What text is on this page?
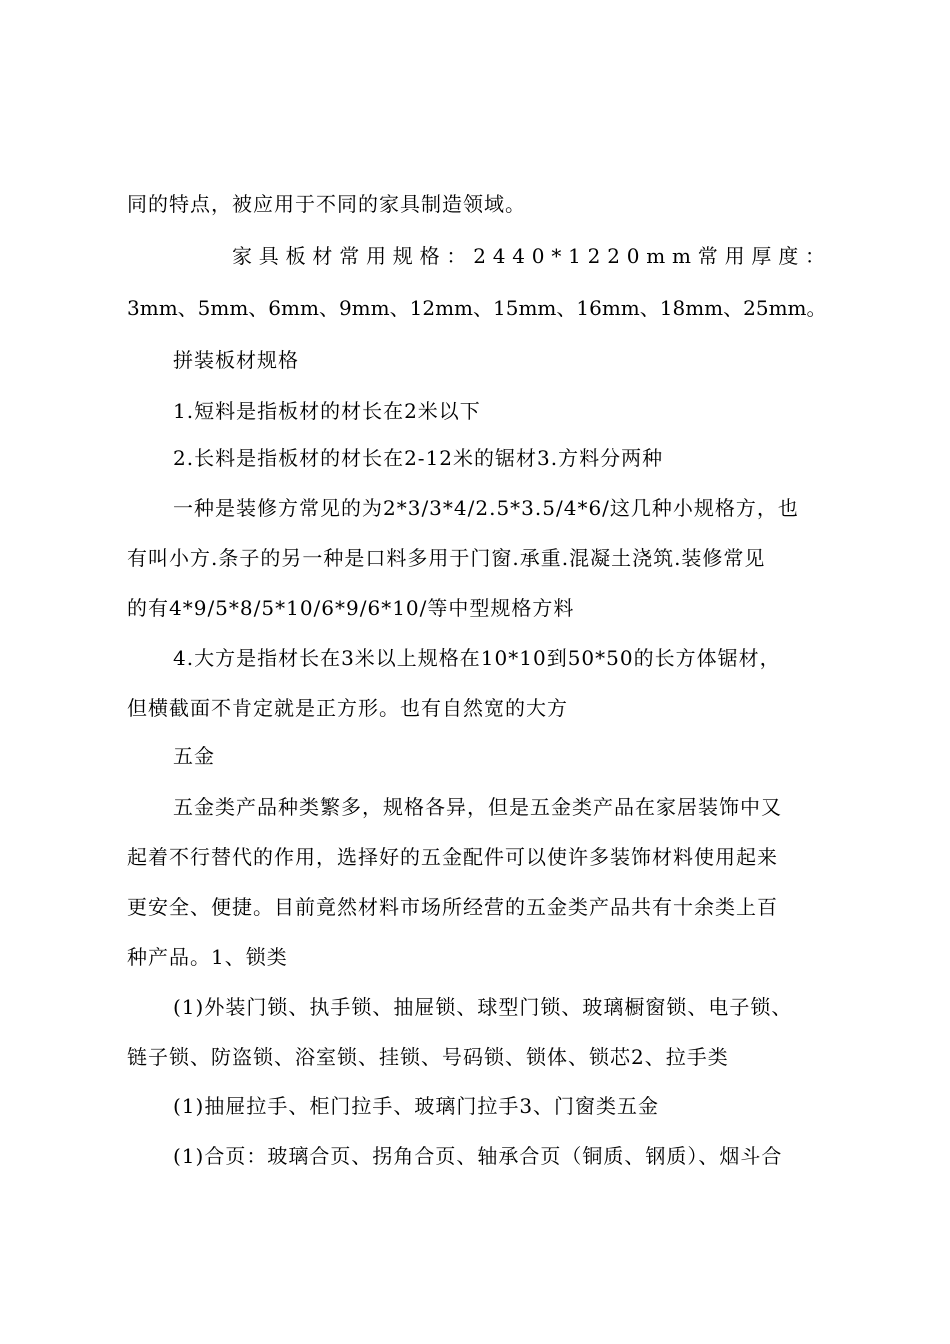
同的特点，被应用于不同的家具制造领域。
家具板材常用规格：2440*1220mm常用厚度：
3mm、5mm、6mm、9mm、12mm、15mm、16mm、18mm、25mm。
拼装板材规格
1.短料是指板材的材长在2米以下
2.长料是指板材的材长在2-12米的锯材3.方料分两种
一种是装修方常见的为2*3/3*4/2.5*3.5/4*6/这几种小规格方，也
有叫小方.条子的另一种是口料多用于门窗.承重.混凝土浇筑.装修常见
的有4*9/5*8/5*10/6*9/6*10/等中型规格方料
4.大方是指材长在3米以上规格在10*10到50*50的长方体锯材，
但横截面不肯定就是正方形。也有自然宽的大方
五金
五金类产品种类繁多，规格各异，但是五金类产品在家居装饰中又
起着不行替代的作用，选择好的五金配件可以使许多装饰材料使用起来
更安全、便捷。目前竟然材料市场所经营的五金类产品共有十余类上百
种产品。1、锁类
(1)外装门锁、执手锁、抽屉锁、球型门锁、玻璃橱窗锁、电子锁、
链子锁、防盗锁、浴室锁、挂锁、号码锁、锁体、锁芯2、拉手类
(1)抽屉拉手、柜门拉手、玻璃门拉手3、门窗类五金
(1)合页：玻璃合页、拐角合页、轴承合页（铜质、钢质）、烟斗合
